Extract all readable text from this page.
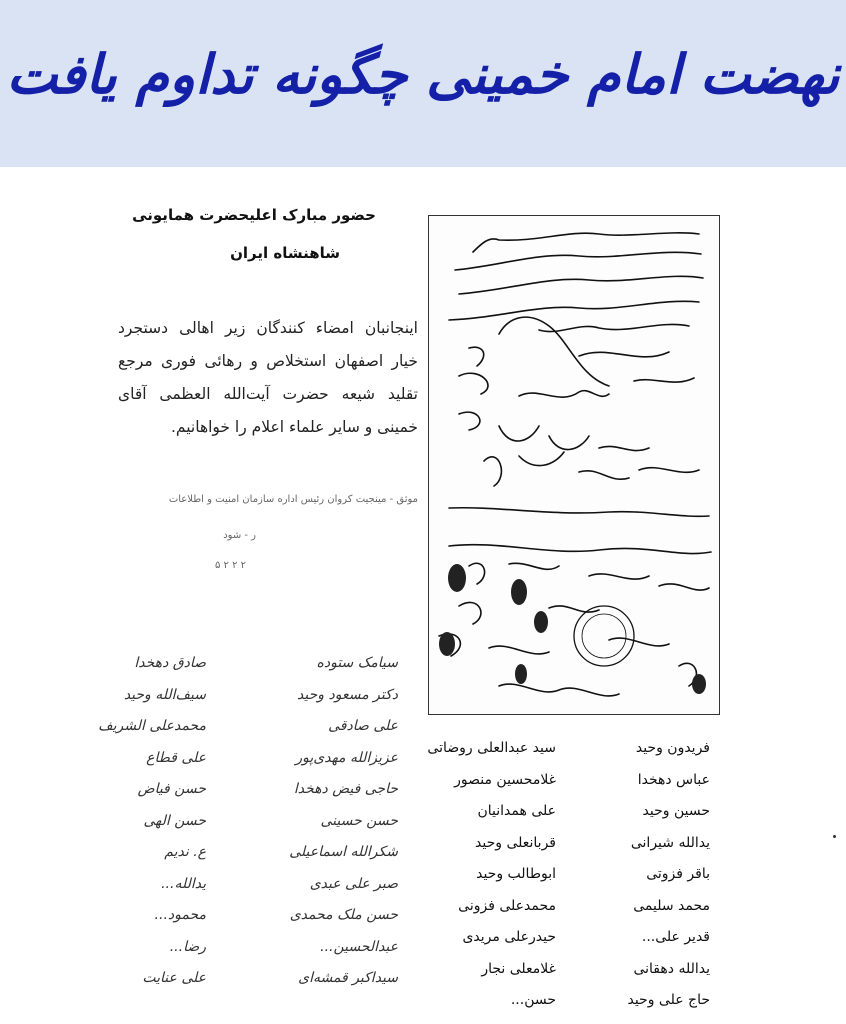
نهضت امام خمینی چگونه تداوم یافت
حضور مبارک اعلیحضرت همایونی
شاهنشاه ایران

اینجانبان امضاء کنندگان زیر اهالی دستجرد خیار اصفهان استخلاص و رهائی فوری مرجع تقلید شیعه حضرت آیت‌الله العظمی آقای خمینی و سایر علماء اعلام را خواهانیم.

موثق - مینجیت کروان رئیس اداره سازمان امنیت و اطلاعات
ر - شود
۲ ۲ ۲ ۵
فریدون وحید
عباس دهخدا
حسین وحید
یدالله شیرانی
باقر فزوتی
محمد سلیمی
قدیر علی...
یدالله دهقانی
حاج علی وحید
سید عبدالعلی روضاتی
غلامحسین منصور
علی همدانیان
قربانعلی وحید
ابوطالب وحید
محمدعلی فزونی
حیدرعلی مریدی
غلامعلی نجار
حسن...
سیامک ستوده
دکتر مسعود وحید
علی صادقی
عزیزالله مهدی‌پور
حاجی فیض دهخدا
حسن حسینی
شکرالله اسماعیلی
صبر علی عبدی
حسن ملک محمدی
عبدالحسین...
سیداکبر قمشه‌ای
صادق دهخدا
سیف‌الله وحید
محمدعلی الشریف
علی قطاع
حسن فیاض
حسن الهی
ع. ندیم
یدالله...
محمود...
رضا...
علی عنایت
